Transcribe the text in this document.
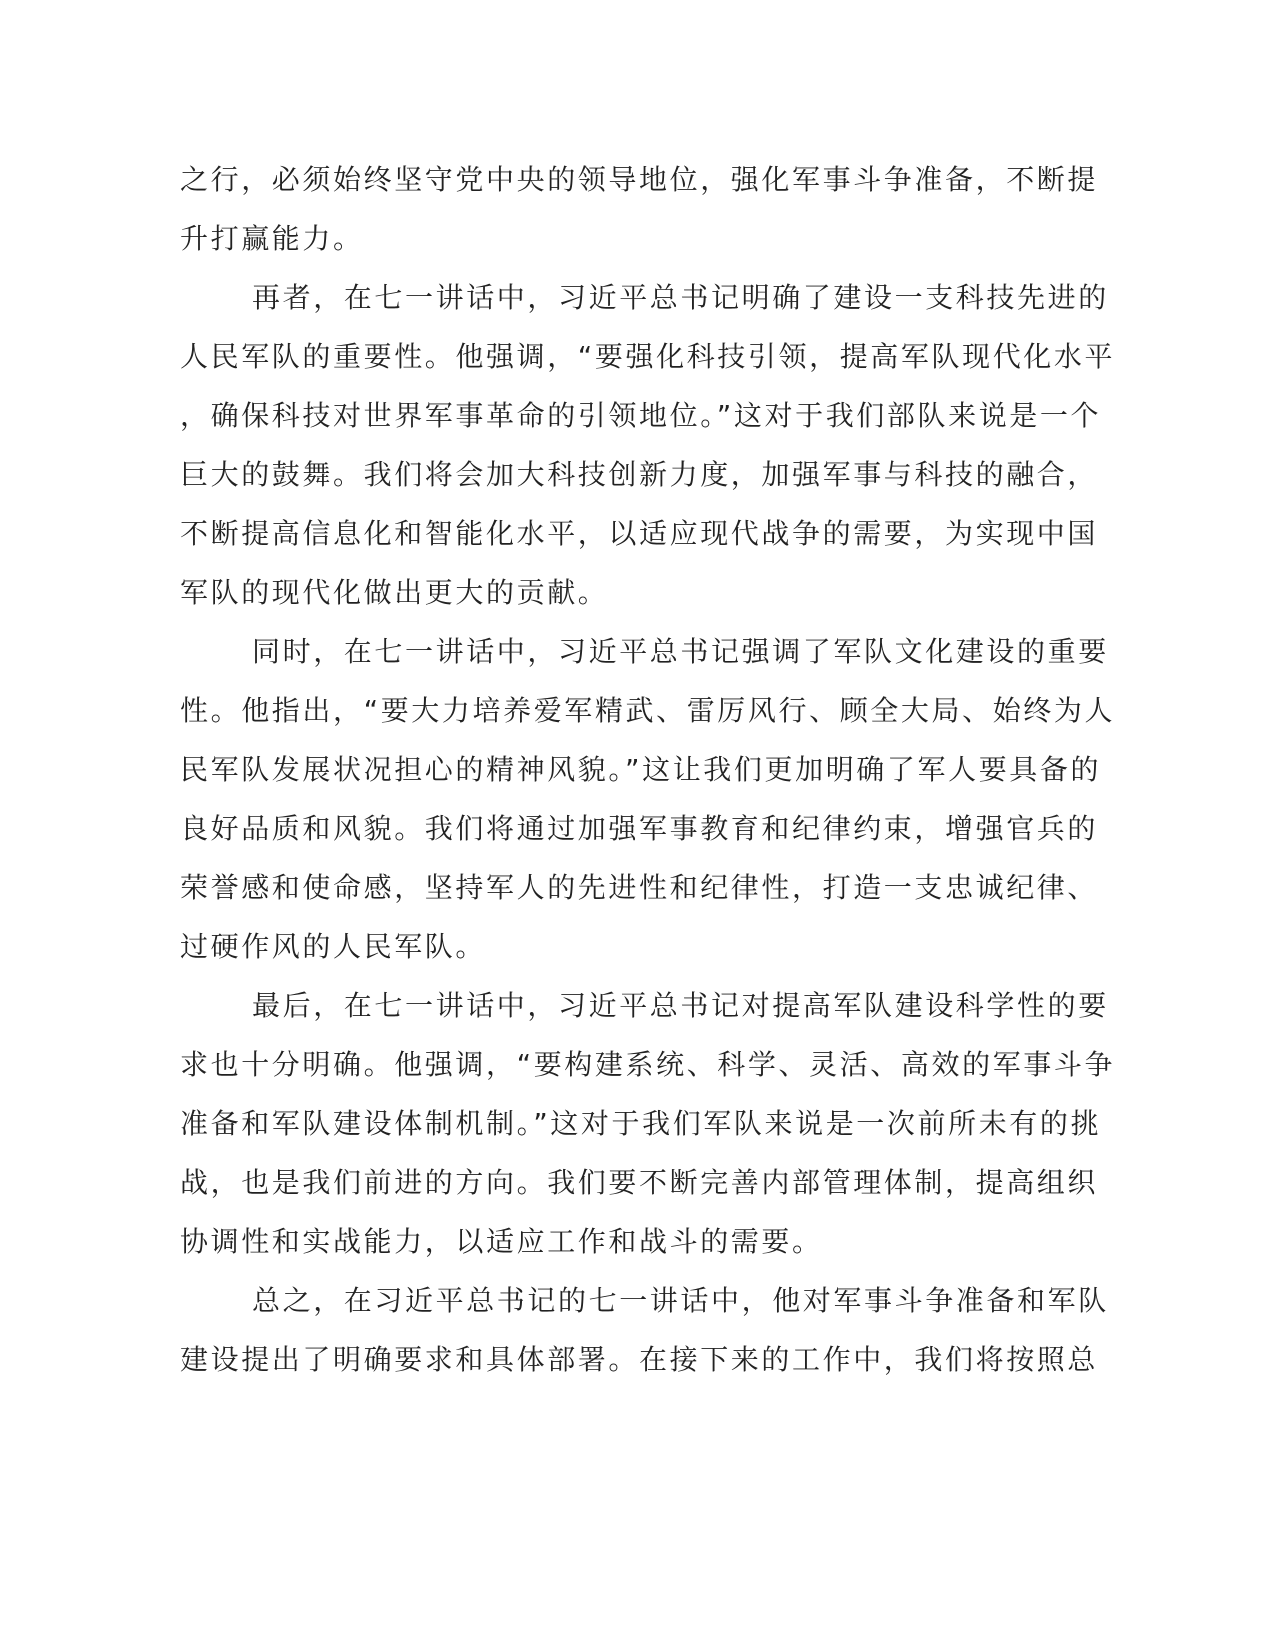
之行，必须始终坚守党中央的领导地位，强化军事斗争准备，不断提
升打赢能力。
再者，在七一讲话中，习近平总书记明确了建设一支科技先进的
人民军队的重要性。他强调，“要强化科技引领，提高军队现代化水平
，确保科技对世界军事革命的引领地位。”这对于我们部队来说是一个
巨大的鼓舞。我们将会加大科技创新力度，加强军事与科技的融合，
不断提高信息化和智能化水平，以适应现代战争的需要，为实现中国
军队的现代化做出更大的贡献。
同时，在七一讲话中，习近平总书记强调了军队文化建设的重要
性。他指出，“要大力培养爱军精武、雷厉风行、顾全大局、始终为人
民军队发展状况担心的精神风貌。”这让我们更加明确了军人要具备的
良好品质和风貌。我们将通过加强军事教育和纪律约束，增强官兵的
荣誉感和使命感，坚持军人的先进性和纪律性，打造一支忠诚纪律、
过硬作风的人民军队。
最后，在七一讲话中，习近平总书记对提高军队建设科学性的要
求也十分明确。他强调，“要构建系统、科学、灵活、高效的军事斗争
准备和军队建设体制机制。”这对于我们军队来说是一次前所未有的挑
战，也是我们前进的方向。我们要不断完善内部管理体制，提高组织
协调性和实战能力，以适应工作和战斗的需要。
总之，在习近平总书记的七一讲话中，他对军事斗争准备和军队
建设提出了明确要求和具体部署。在接下来的工作中，我们将按照总
